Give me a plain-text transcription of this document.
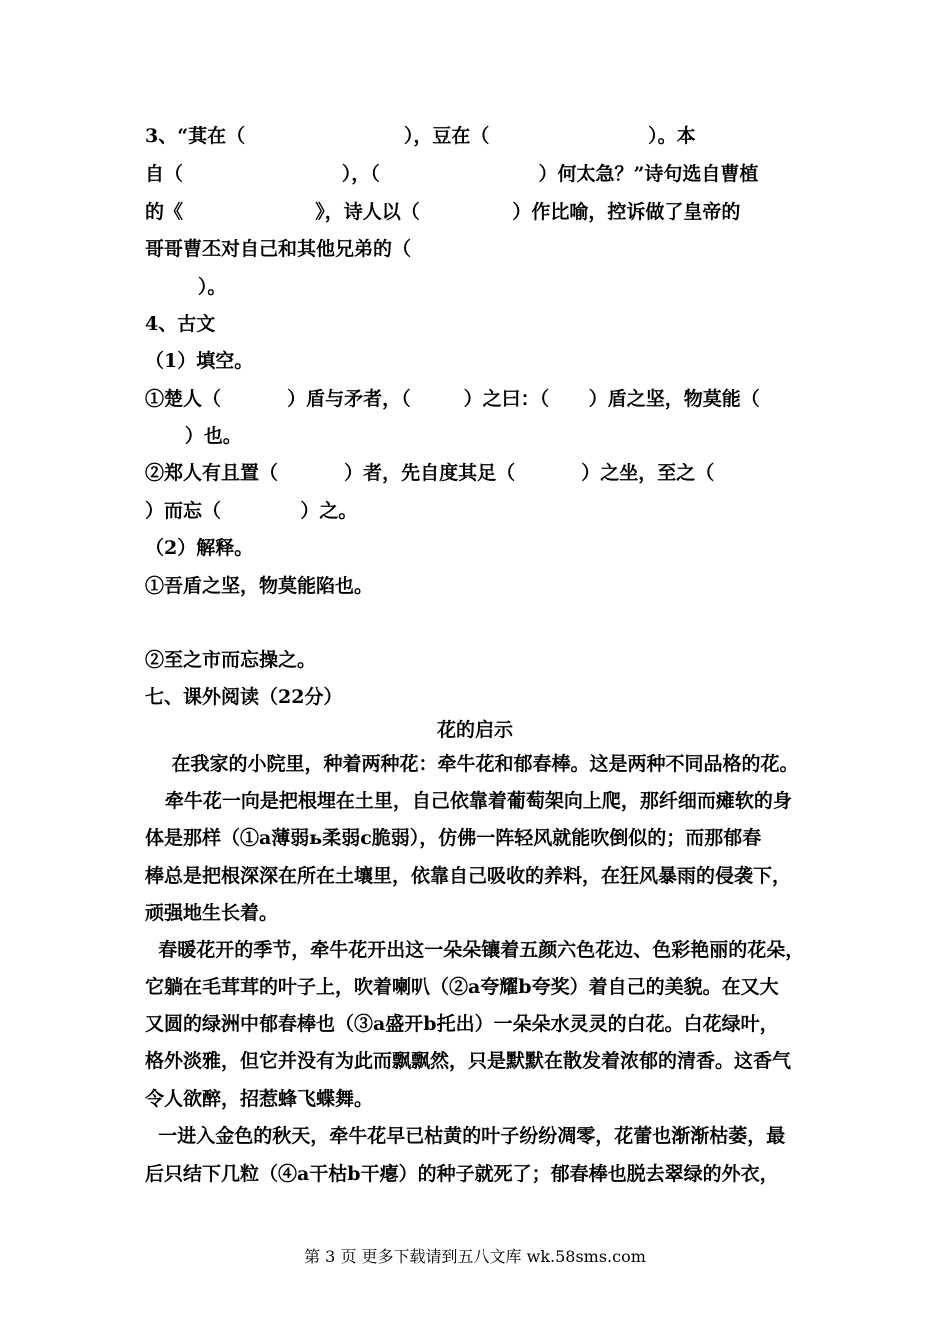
3、“萁在（                        ），豆在（                        ）。本
自（                        ），（                        ）何太急？”诗句选自曹植
的《                    》，诗人以（              ）作比喻，控诉做了皇帝的
哥哥曹丕对自己和其他兄弟的（
）。
4、古文
（1）填空。
①楚人（          ）盾与矛者，（        ）之曰：（      ）盾之坚，物莫能（
）也。
②郑人有且置（          ）者，先自度其足（          ）之坐，至之（
）而忘（            ）之。
（2）解释。
①吾盾之坚，物莫能陷也。
②至之市而忘操之。
七、课外阅读（22分）
花的启示
在我家的小院里，种着两种花：牵牛花和郁春棒。这是两种不同品格的花。
牵牛花一向是把根埋在土里，自己依靠着葡萄架向上爬，那纤细而瘫软的身
体是那样（①a薄弱ь柔弱c脆弱），仿佛一阵轻风就能吹倒似的；而那郁春
棒总是把根深深在所在土壤里，依靠自己吸收的养料，在狂风暴雨的侵袭下，
顽强地生长着。
春暖花开的季节，牵牛花开出这一朵朵镶着五颜六色花边、色彩艳丽的花朵，
它躺在毛茸茸的叶子上，吹着喇叭（②a夸耀b夸奖）着自己的美貌。在又大
又圆的绿洲中郁春棒也（③a盛开b托出）一朵朵水灵灵的白花。白花绿叶，
格外淡雅，但它并没有为此而飘飘然，只是默默在散发着浓郁的清香。这香气
令人欲醉，招惹蜂飞蝶舞。
一进入金色的秋天，牵牛花早已枯黄的叶子纷纷凋零，花蕾也渐渐枯萎，最
后只结下几粒（④a干枯b干瘪）的种子就死了；郁春棒也脱去翠绿的外衣，
第 3 页 更多下载请到五八文库 wk.58sms.com
